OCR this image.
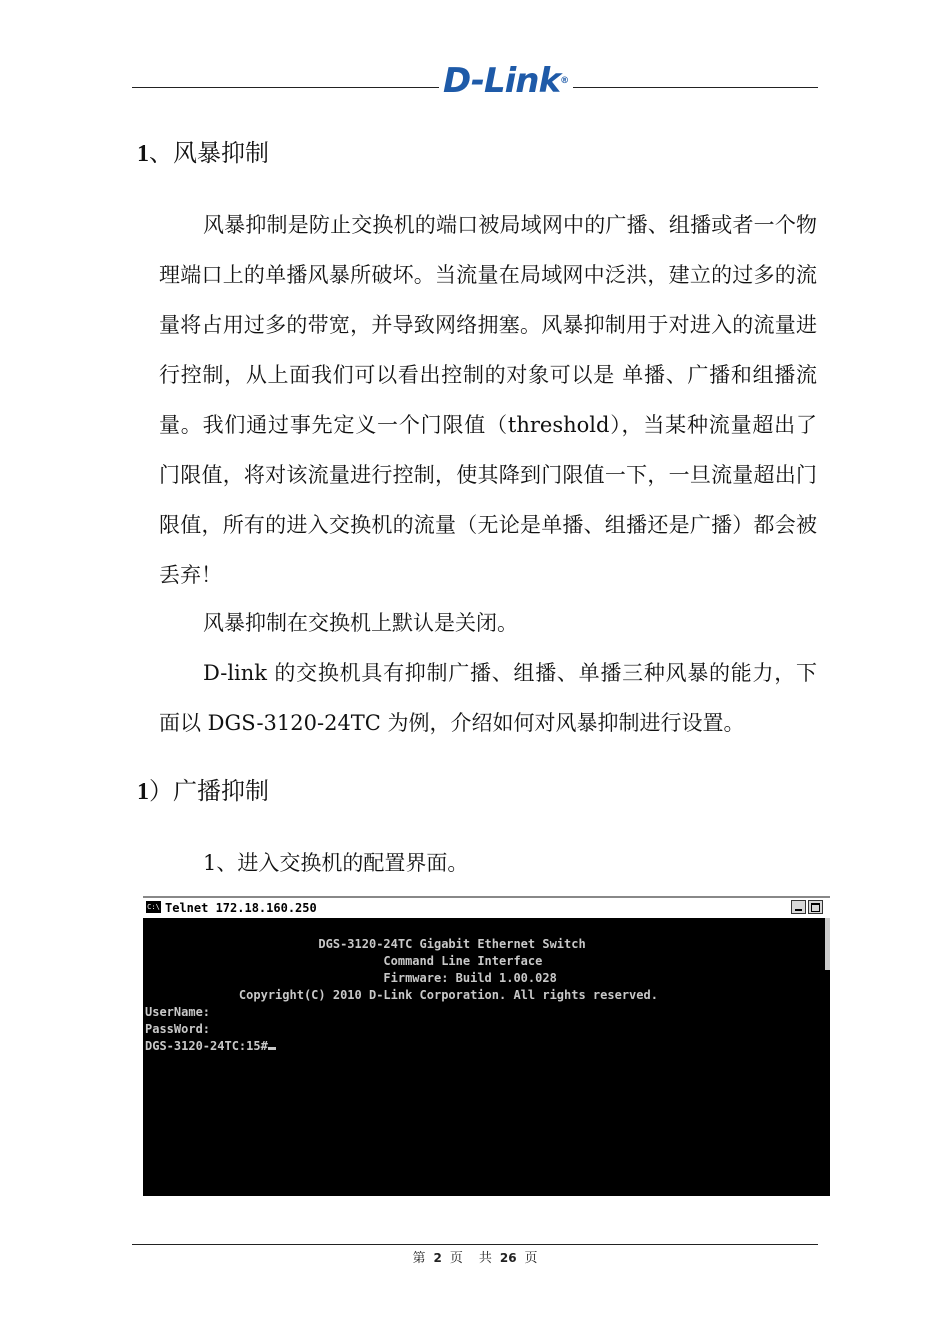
D-Link®
1、风暴抑制
风暴抑制是防止交换机的端口被局域网中的广播、组播或者一个物理端口上的单播风暴所破坏。当流量在局域网中泛洪，建立的过多的流量将占用过多的带宽，并导致网络拥塞。风暴抑制用于对进入的流量进行控制，从上面我们可以看出控制的对象可以是 单播、广播和组播流量。我们通过事先定义一个门限值（threshold），当某种流量超出了门限值，将对该流量进行控制，使其降到门限值一下，一旦流量超出门限值，所有的进入交换机的流量（无论是单播、组播还是广播）都会被丢弃！
风暴抑制在交换机上默认是关闭。
D-link 的交换机具有抑制广播、组播、单播三种风暴的能力，下面以 DGS-3120-24TC 为例，介绍如何对风暴抑制进行设置。
1）广播抑制
1、进入交换机的配置界面。
C:\ Telnet 172.18.160.250
DGS-3120-24TC Gigabit Ethernet Switch
Command Line Interface
Firmware: Build 1.00.028
Copyright(C) 2010 D-Link Corporation. All rights reserved.
UserName:
PassWord:
DGS-3120-24TC:15#
第 2 页 共 26 页
